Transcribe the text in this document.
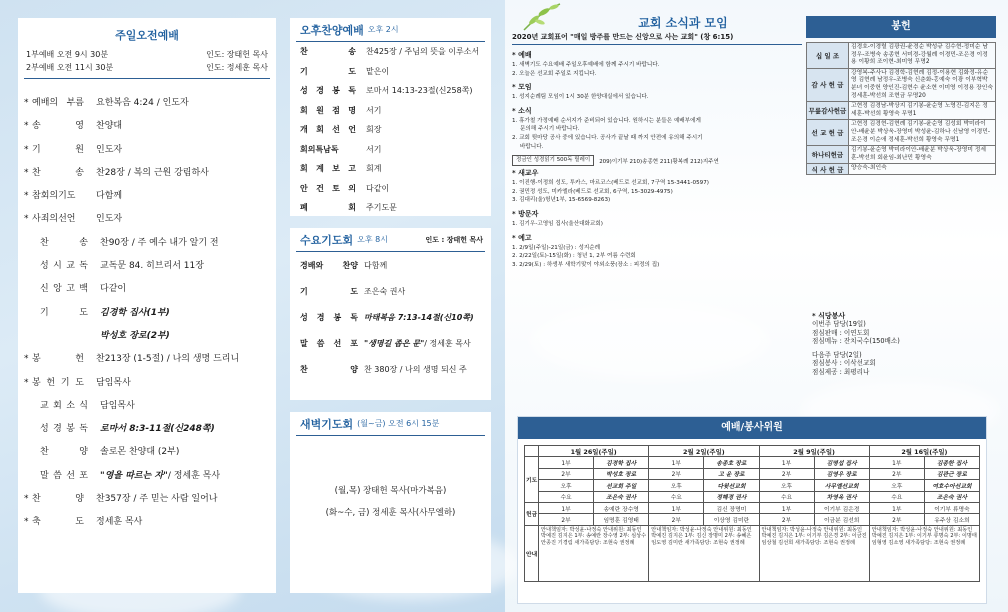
주일오전예배
1부예배 오전 9시 30분	인도: 장태헌 목사
2부예배 오전 11시 30분	인도: 정세훈 목사
* 예배의 부름 요한복음 4:24 / 인도자
* 송 영 찬양대
* 기 원 인도자
* 찬 송 찬28장 / 복의 근원 강림하사
* 참회의기도	다함께
* 사죄의선언	인도자
찬 송 찬90장 / 주 예수 내가 알기 전
성 시 교 독 교독문 84. 히브리서 11장
신 앙 고 백 다같이
기 도 김경학 집사(1부)
박성호 장로(2부)
* 봉 헌 찬213장 (1-5절) / 나의 생명 드리니
* 봉 헌 기 도 담임목사
교 회 소 식 담임목사
성 경 봉 독 로마서 8:3-11절(신248쪽)
찬 양 솔로몬 찬양대 (2부)
말 씀 선 포 "영을 따르는 자" / 정세훈 목사
* 찬 양 찬357장 / 주 믿는 사람 일어나
* 축 도 정세훈 목사
오후찬양예배 오후 2시
찬 송 찬425장 / 주님의 뜻을 이루소서
기 도 맡은이
성 경 봉 독 로마서 14:13-23절(신258쪽)
회 원 점 명 서기
개 회 선 언 회장
회의특남독	서기
회 계 보 고 회계
안 건 토 의 다같이
폐 회 주기도문
수요기도회 오후 8시	인도 : 장태헌 목사
경배와 찬양 다함께
기 도 조은숙 권사
성 경 봉 독 마태복음 7:13-14절(신10쪽)
말 씀 선 포 "생명길 좁은 문" / 정세훈 목사
찬 양 찬 380장 / 나의 생명 되신 주
새벽기도회 (월~금) 오전 6시 15분
(월,목) 장태헌 목사(마가복음)
(화~수, 금) 정세훈 목사(사무엘하)
교회 소식과 모임
2020년 교회표어 "매일 방주를 만드는 신앙으로 사는 교회" (창 6:15)
* 예배
1. 새벽기도 수요예배 주일오후예배에 함께 주시기 바랍니다.
2. 오늘은 선교회 주일로 지킵니다.
* 모임
1. 성지순례팀 모임이 1시 30분 한양대실에서 있습니다.
* 소식
1. 휴가철 가정예배 순서지가 준비되어 있습니다. 원하시는 분들은 예배부에게
문의해 주시기 바랍니다.
2. 교회 뒷마당 공사 중에 있습니다. 공사가 끝날 때 까지 안전에 유의해 주시기
바랍니다.
정금인 성경읽기 500독 릴레이	209)이기부 210)송종현 211)황복례 212)지주연
* 새교우
1. 이진행-이정희 성도, 투카스, 마르코스(베드로 선교회, 7구역 15-3441-0597)
2. 권민정 성도, 미카엘라(베드로 선교회, 6구역, 15-3029-4975)
3. 김대리(울)헝년1부, 15-6569-8263)
* 방문자
1. 김기우-고영임 집사(울산대화교회)
* 예고
1. 2/9일(주일)-21일(금) : 성지순례
2. 2/22일(토)-15일(화) : 청년 1, 2부 여름 수련회
3. 2/29(토) : 하생부 새학기맞이 야외소풍(장소 : 피정의 집)
봉헌
십 일 조	김경호-이경렬 김광권-윤경순 박성규 김수현-정미순 남정우-조병숙 송종현 서미경-강월례 이경민-조은경 이정용 이황희 조이현-최미영 무명2
감 사 헌 금	강영복-주사나 김경학-김현례 김정-이용현 김화정-유순영 김현례 남정우-조병숙 신춘화-홍예숙 이광 이부혁박분녀 이중헌 양인진-김현수 윤소현 이미영 이정용 장인숙 정세훈-박선희 조현금 무명20
무릎감사헌금	고현정 김경남-박상지 김기봉-윤순영 노영진-김지은 정세훈-박선희 황영숙 무명1
선 교 헌 금	고현정 김경현-김현례 김기봉-윤순영 김성회 박미라이안-배윤분 박상욱-장영미 박성윤-김하나 신남영 이경민-조은경 이순애 정세훈-박선희 황영숙 무명1
하나티헌금	김기봉-윤순영 박미라이안-배윤분 박상욱-장영미 정세훈-박선희 회윤임-최난민 황영숙
식 사 헌 금	양승숙-최인숙
* 식당봉사
이번주 담당(19일)
점심판매 : 이연도회
점심메뉴 : 잔치국수(150배소)
다음주 담당(2일)
점심봉사 : 이삭선교회
점심제공 : 최평리나
예배/봉사위원
	1월 26일(주일)		2월 2일(주일)		2월 9일(주일)		2월 16일(주일)	
기도	1부	김경학 집사	1부	송종호 장로	1부	김명섭 집사	1부	김종한 집사
	2부	박성호 장로	2부	고 윤 장로	2부	김영우 장로	2부	김관근 장로
	오후	선교회 주일	오후	다윗선교회	오후	사무엘선교회	오후	여호수아선교회
	수요	조은숙 권사	수요	정혜경 권사	수요	차영옥 권사	수요	조은숙 권사
헌금	1부	송예란 장수영	1부	김신 장명미	1부	이기부 김은경	1부	이기부 류명숙
	2부	임명훈 김영태	2부	이상영 김미란	2부	이금분 김선희	2부	유주상 김소희
안내	안내책임자: 박성윤-나정숙 안내위원: 최동인 박예진 김지은 1부: 송예란 장수영 2부: 심상수 안종진 기경림 새가족담당: 조현숙 권정례		안내책임자: 박성윤-나정숙 안내위원: 최동인 박예진 김지은 1부: 김신 장명미 2부: 송혜은 임도영 김미란 새가족담당: 조현숙 권정례		안내책임자: 박성윤-나정숙 안내위원: 최동인 박예진 김지은 1부: 이기부 김은경 2부: 이금진 임상철 김선희 새가족담당: 조현숙 권정례		안내책임자: 박성윤-나정숙 안내위원: 최동인 박예진 김지은 1부: 이기부 류명숙 2부: 이명태 임형영 김소영 새가족담당: 조현숙 권정례	
